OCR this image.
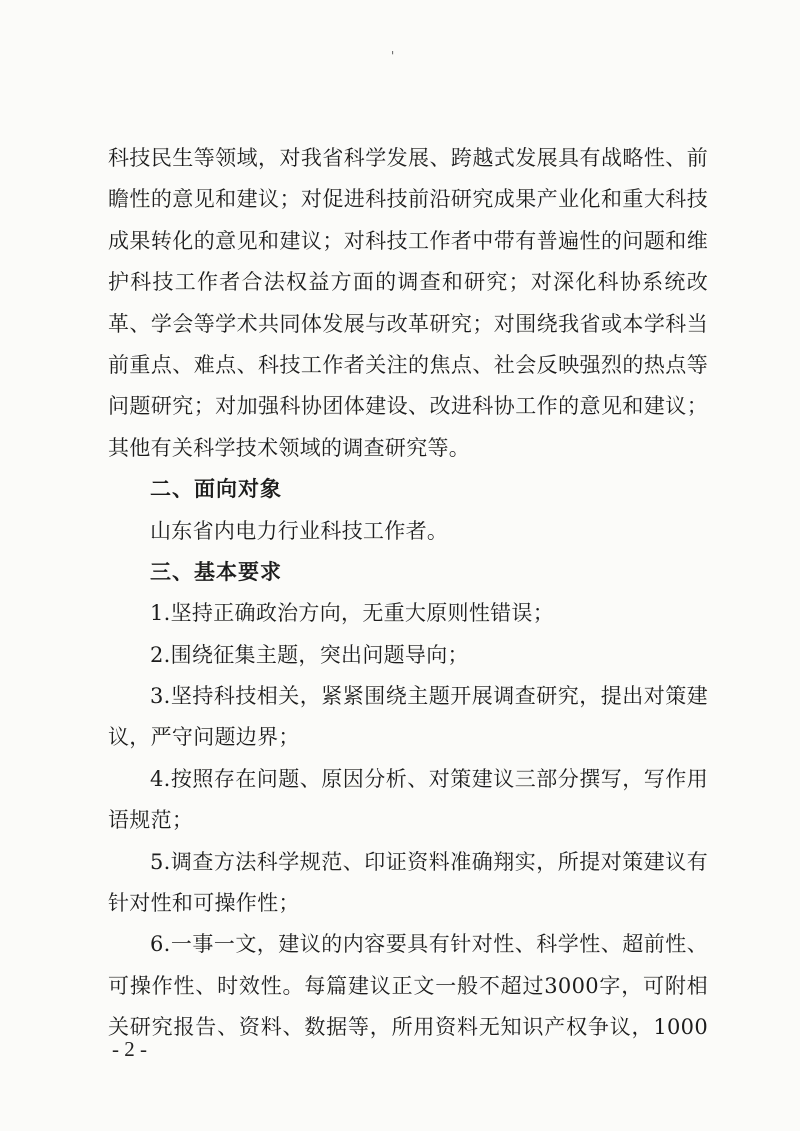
'
科技民生等领域，对我省科学发展、跨越式发展具有战略性、前
瞻性的意见和建议；对促进科技前沿研究成果产业化和重大科技
成果转化的意见和建议；对科技工作者中带有普遍性的问题和维
护科技工作者合法权益方面的调查和研究；对深化科协系统改
革、学会等学术共同体发展与改革研究；对围绕我省或本学科当
前重点、难点、科技工作者关注的焦点、社会反映强烈的热点等
问题研究；对加强科协团体建设、改进科协工作的意见和建议；
其他有关科学技术领域的调查研究等。
二、面向对象
山东省内电力行业科技工作者。
三、基本要求
1.坚持正确政治方向，无重大原则性错误；
2.围绕征集主题，突出问题导向；
3.坚持科技相关，紧紧围绕主题开展调查研究，提出对策建
议，严守问题边界；
4.按照存在问题、原因分析、对策建议三部分撰写，写作用
语规范；
5.调查方法科学规范、印证资料准确翔实，所提对策建议有
针对性和可操作性；
6.一事一文，建议的内容要具有针对性、科学性、超前性、
可操作性、时效性。每篇建议正文一般不超过3000字，可附相
关研究报告、资料、数据等，所用资料无知识产权争议，1000
- 2 -
